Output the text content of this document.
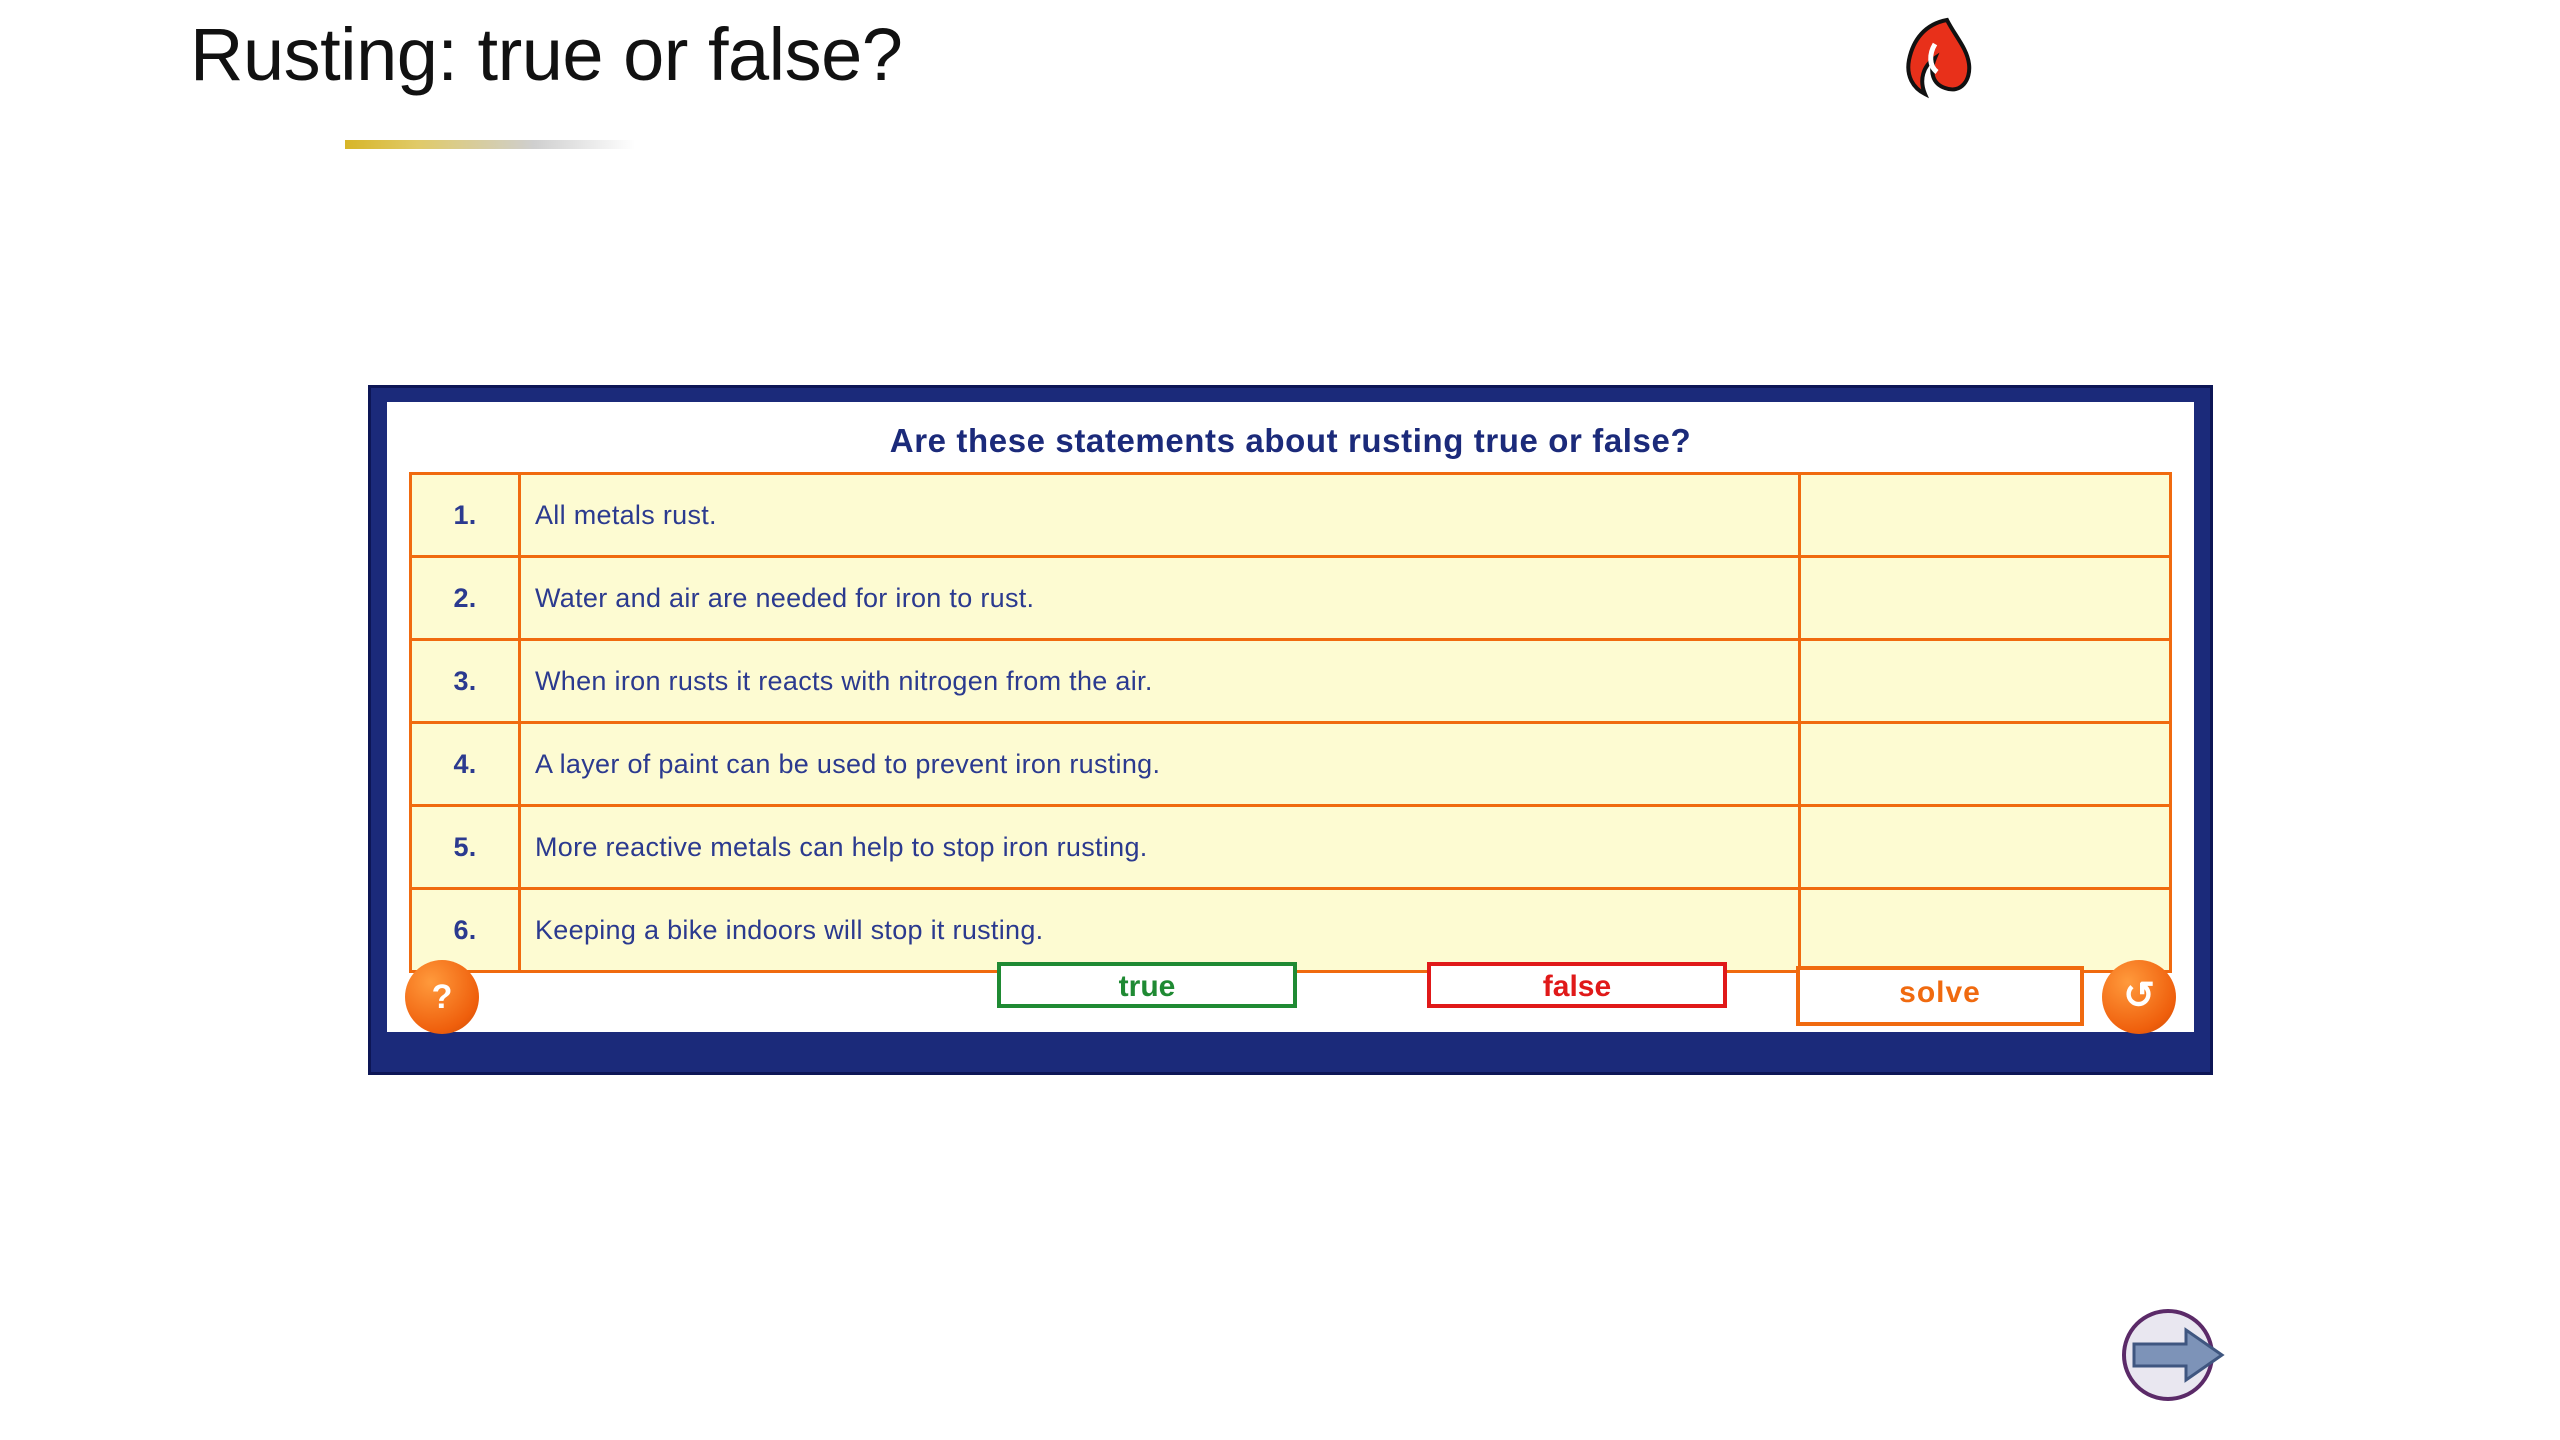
Rusting: true or false?
Are these statements about rusting true or false?
1.	All metals rust.	
2.	Water and air are needed for iron to rust.	
3.	When iron rusts it reacts with nitrogen from the air.	
4.	A layer of paint can be used to prevent iron rusting.	
5.	More reactive metals can help to stop iron rusting.	
6.	Keeping a bike indoors will stop it rusting.	
true	false
?	solve	↺
